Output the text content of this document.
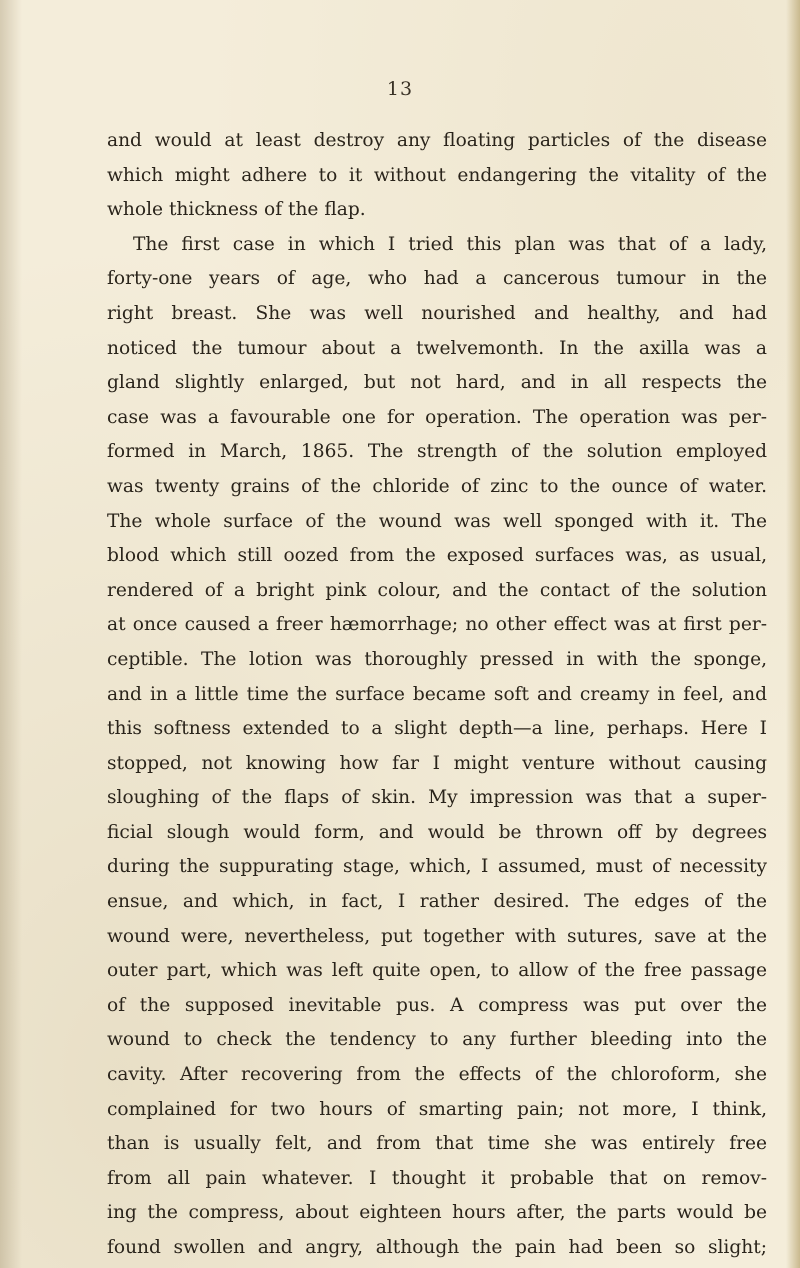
13
and would at least destroy any floating particles of the disease
which might adhere to it without endangering the vitality of the
whole thickness of the flap.
The first case in which I tried this plan was that of a lady,
forty-one years of age, who had a cancerous tumour in the
right breast. She was well nourished and healthy, and had
noticed the tumour about a twelvemonth. In the axilla was a
gland slightly enlarged, but not hard, and in all respects the
case was a favourable one for operation. The operation was per-
formed in March, 1865. The strength of the solution employed
was twenty grains of the chloride of zinc to the ounce of water.
The whole surface of the wound was well sponged with it. The
blood which still oozed from the exposed surfaces was, as usual,
rendered of a bright pink colour, and the contact of the solution
at once caused a freer hæmorrhage; no other effect was at first per-
ceptible. The lotion was thoroughly pressed in with the sponge,
and in a little time the surface became soft and creamy in feel, and
this softness extended to a slight depth—a line, perhaps. Here I
stopped, not knowing how far I might venture without causing
sloughing of the flaps of skin. My impression was that a super-
ficial slough would form, and would be thrown off by degrees
during the suppurating stage, which, I assumed, must of necessity
ensue, and which, in fact, I rather desired. The edges of the
wound were, nevertheless, put together with sutures, save at the
outer part, which was left quite open, to allow of the free passage
of the supposed inevitable pus. A compress was put over the
wound to check the tendency to any further bleeding into the
cavity. After recovering from the effects of the chloroform, she
complained for two hours of smarting pain; not more, I think,
than is usually felt, and from that time she was entirely free
from all pain whatever. I thought it probable that on remov-
ing the compress, about eighteen hours after, the parts would be
found swollen and angry, although the pain had been so slight;
